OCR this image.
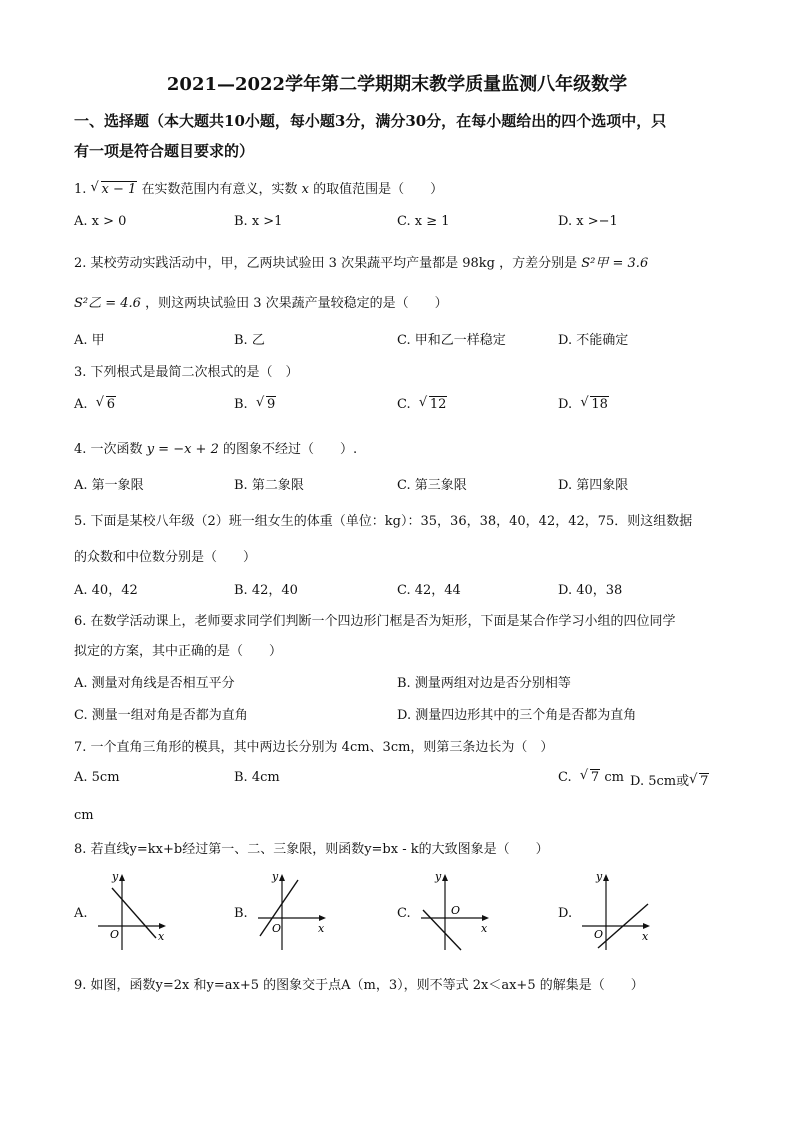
2021—2022学年第二学期期末教学质量监测八年级数学
一、选择题（本大题共10小题，每小题3分，满分30分，在每小题给出的四个选项中，只
有一项是符合题目要求的）
1. √ x − 1 在实数范围内有意义，实数 x 的取值范围是（　　）
A. x > 0	B. x >1	C. x ≥ 1	D. x >−1
2. 某校劳动实践活动中，甲，乙两块试验田 3 次果蔬平均产量都是 98kg ，方差分别是 S²甲 = 3.6
S²乙 = 4.6 ，则这两块试验田 3 次果蔬产量较稳定的是（　　）
A. 甲	B. 乙	C. 甲和乙一样稳定	D. 不能确定
3. 下列根式是最简二次根式的是（　）
A. √ 6	B. √ 9	C. √ 12	D. √ 18
4. 一次函数 y = −x + 2 的图象不经过（　　）.
A. 第一象限	B. 第二象限	C. 第三象限	D. 第四象限
5. 下面是某校八年级（2）班一组女生的体重（单位：kg）：35，36，38，40，42，42，75．则这组数据
的众数和中位数分别是（　　）
A. 40，42	B. 42，40	C. 42，44	D. 40，38
6. 在数学活动课上，老师要求同学们判断一个四边形门框是否为矩形，下面是某合作学习小组的四位同学
拟定的方案，其中正确的是（　　）
A. 测量对角线是否相互平分	B. 测量两组对边是否分别相等
C. 测量一组对角是否都为直角	D. 测量四边形其中的三个角是否都为直角
7. 一个直角三角形的模具，其中两边长分别为 4cm、3cm，则第三条边长为（　）
A. 5cm	B. 4cm	C. √ 7 cm D. 5cm或 √ 7
cm
8. 若直线y=kx+b经过第一、二、三象限，则函数y=bx - k的大致图象是（　　）
A.
y
x
O
B.
y
x
O
C.
y
x
O	D.
y
x
O
9. 如图，函数y=2x 和y=ax+5 的图象交于点A（m，3），则不等式 2x＜ax+5 的解集是（　　）
